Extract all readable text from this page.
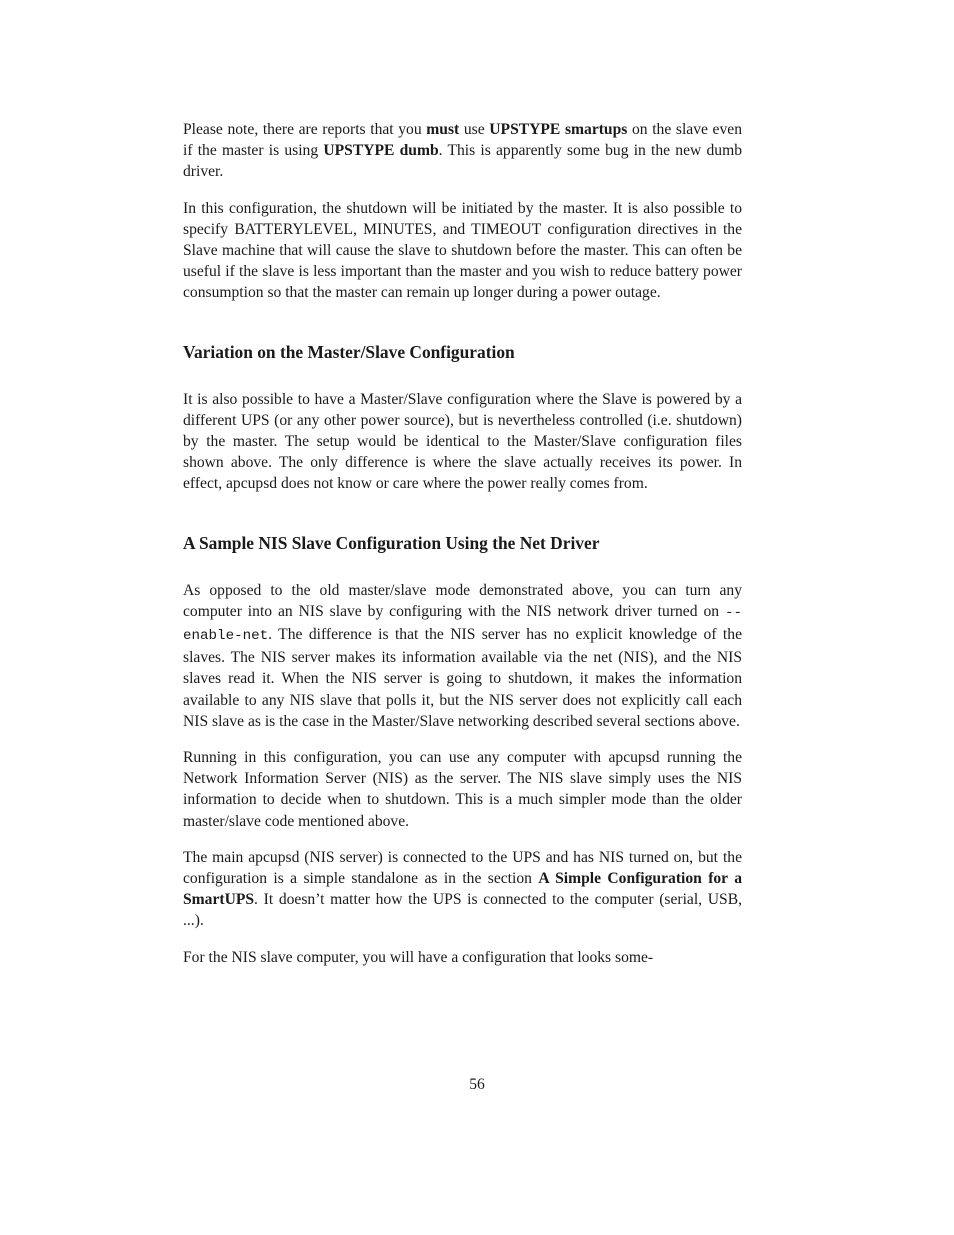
Please note, there are reports that you must use UPSTYPE smartups on the slave even if the master is using UPSTYPE dumb. This is apparently some bug in the new dumb driver.

In this configuration, the shutdown will be initiated by the master. It is also possible to specify BATTERYLEVEL, MINUTES, and TIMEOUT configuration directives in the Slave machine that will cause the slave to shutdown before the master. This can often be useful if the slave is less important than the master and you wish to reduce battery power consumption so that the master can remain up longer during a power outage.

Variation on the Master/Slave Configuration

It is also possible to have a Master/Slave configuration where the Slave is powered by a different UPS (or any other power source), but is nevertheless controlled (i.e. shutdown) by the master. The setup would be identical to the Master/Slave configuration files shown above. The only difference is where the slave actually receives its power. In effect, apcupsd does not know or care where the power really comes from.

A Sample NIS Slave Configuration Using the Net Driver

As opposed to the old master/slave mode demonstrated above, you can turn any computer into an NIS slave by configuring with the NIS network driver turned on --enable-net. The difference is that the NIS server has no explicit knowledge of the slaves. The NIS server makes its information available via the net (NIS), and the NIS slaves read it. When the NIS server is going to shutdown, it makes the information available to any NIS slave that polls it, but the NIS server does not explicitly call each NIS slave as is the case in the Master/Slave networking described several sections above.

Running in this configuration, you can use any computer with apcupsd running the Network Information Server (NIS) as the server. The NIS slave simply uses the NIS information to decide when to shutdown. This is a much simpler mode than the older master/slave code mentioned above.

The main apcupsd (NIS server) is connected to the UPS and has NIS turned on, but the configuration is a simple standalone as in the section A Simple Configuration for a SmartUPS. It doesn’t matter how the UPS is connected to the computer (serial, USB, ...).

For the NIS slave computer, you will have a configuration that looks some-

56
